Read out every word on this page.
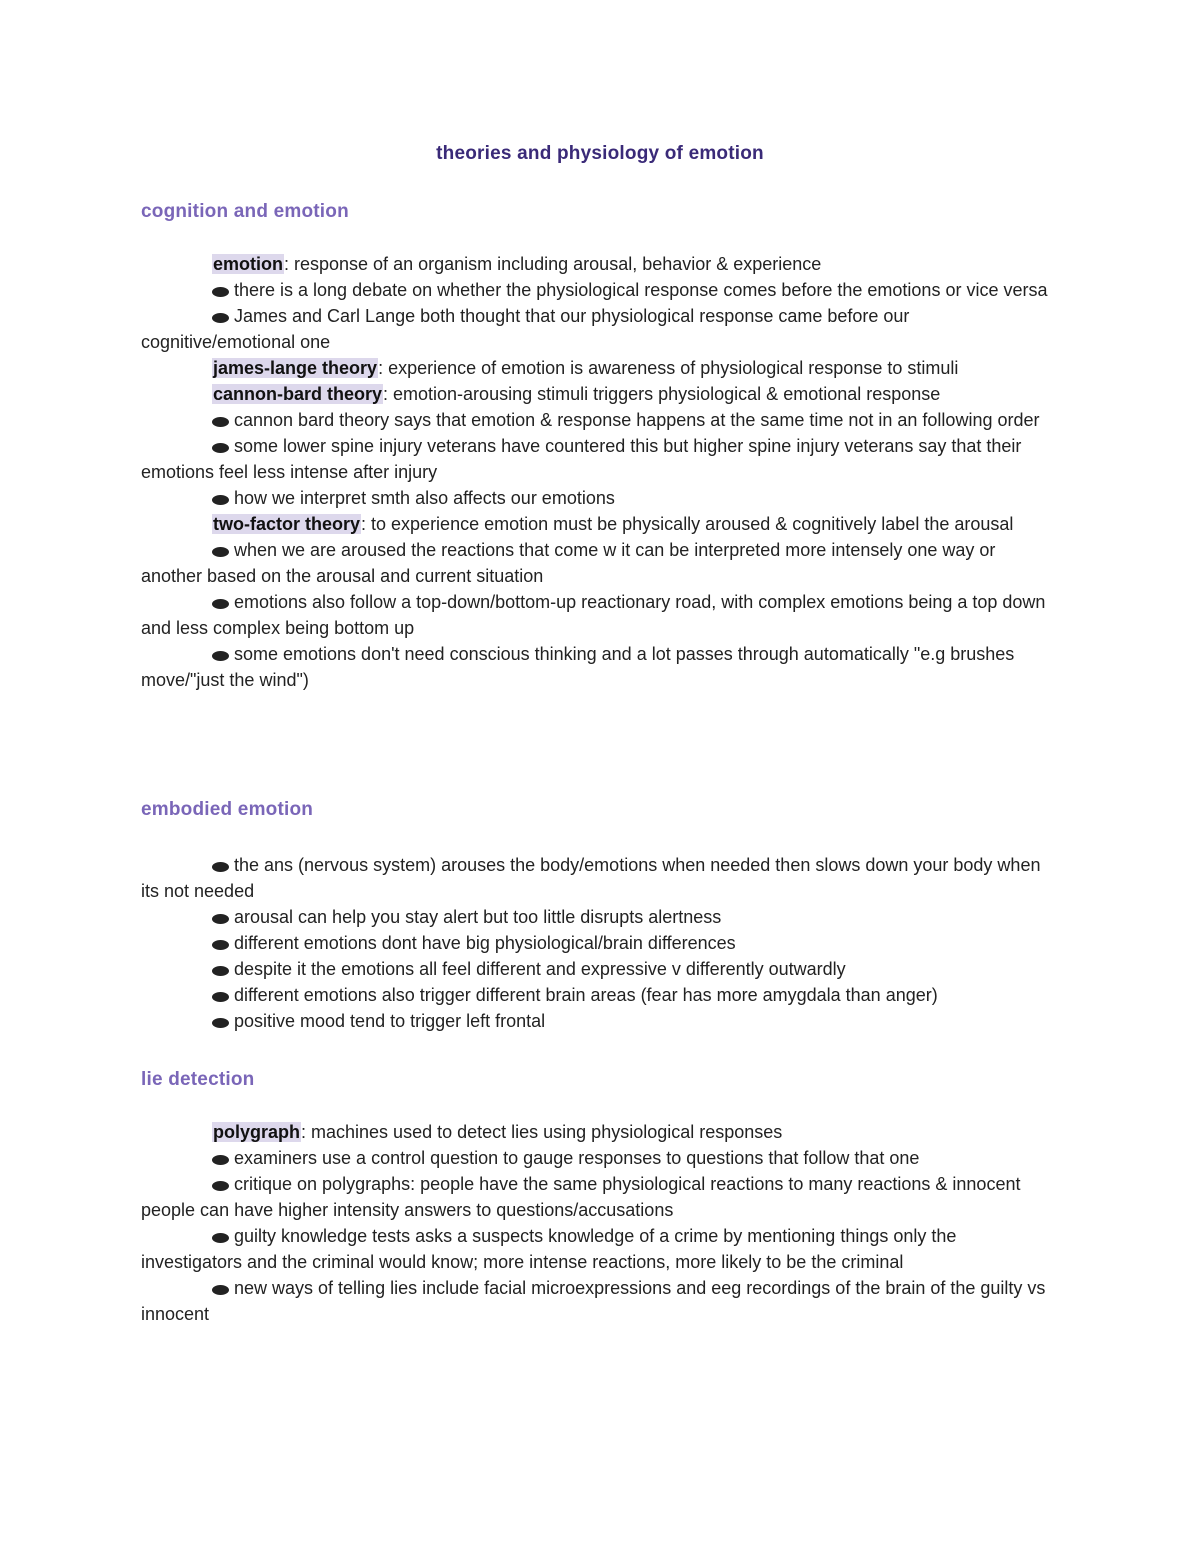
theories and physiology of emotion
cognition and emotion
emotion: response of an organism including arousal, behavior & experience
there is a long debate on whether the physiological response comes before the emotions or vice versa
James and Carl Lange both thought that our physiological response came before our cognitive/emotional one
james-lange theory: experience of emotion is awareness of physiological response to stimuli
cannon-bard theory: emotion-arousing stimuli triggers physiological & emotional response
cannon bard theory says that emotion & response happens at the same time not in an following order
some lower spine injury veterans have countered this but higher spine injury veterans say that their emotions feel less intense after injury
how we interpret smth also affects our emotions
two-factor theory: to experience emotion must be physically aroused & cognitively label the arousal
when we are aroused the reactions that come w it can be interpreted more intensely one way or another based on the arousal and current situation
emotions also follow a top-down/bottom-up reactionary road, with complex emotions being a top down and less complex being bottom up
some emotions don't need conscious thinking and a lot passes through automatically "e.g brushes move/"just the wind")
embodied emotion
the ans (nervous system) arouses the body/emotions when needed then slows down your body when its not needed
arousal can help you stay alert but too little disrupts alertness
different emotions dont have big physiological/brain differences
despite it the emotions all feel different and expressive v differently outwardly
different emotions also trigger different brain areas (fear has more amygdala than anger)
positive mood tend to trigger left frontal
lie detection
polygraph: machines used to detect lies using physiological responses
examiners use a control question to gauge responses to questions that follow that one
critique on polygraphs: people have the same physiological reactions to many reactions & innocent people can have higher intensity answers to questions/accusations
guilty knowledge tests asks a suspects knowledge of a crime by mentioning things only the investigators and the criminal would know; more intense reactions, more likely to be the criminal
new ways of telling lies include facial microexpressions and eeg recordings of the brain of the guilty vs innocent
